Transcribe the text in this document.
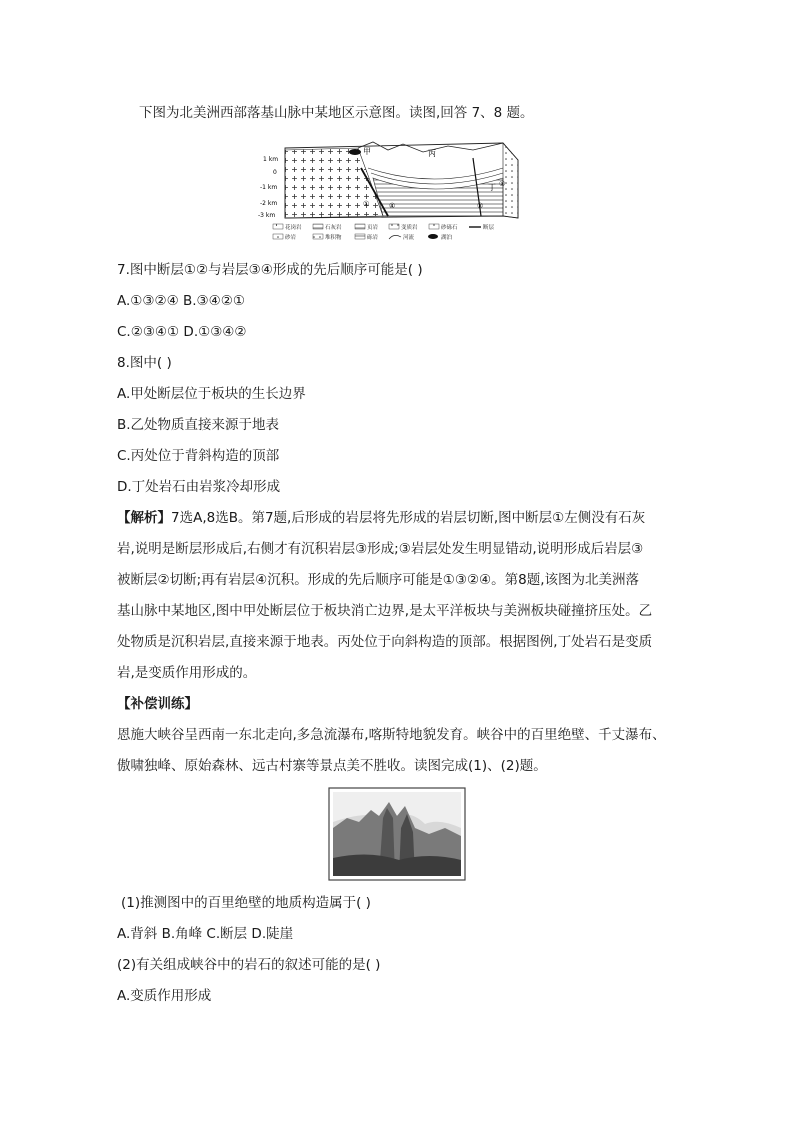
下图为北美洲西部落基山脉中某地区示意图。读图,回答 7、8 题。
1 km
0
-1 km
-2 km
-3 km
甲	丙
丁
①	④	②
③
花岗岩	石灰岩	页岩	变质岩	砂砾石	断层
砂岩	堆积物	砾岩	河流	湖泊
7.图中断层①②与岩层③④形成的先后顺序可能是( )
A.①③②④ B.③④②①
C.②③④① D.①③④②
8.图中( )
A.甲处断层位于板块的生长边界
B.乙处物质直接来源于地表
C.丙处位于背斜构造的顶部
D.丁处岩石由岩浆冷却形成
【解析】7选A,8选B。第7题,后形成的岩层将先形成的岩层切断,图中断层①左侧没有石灰
岩,说明是断层形成后,右侧才有沉积岩层③形成;③岩层处发生明显错动,说明形成后岩层③
被断层②切断;再有岩层④沉积。形成的先后顺序可能是①③②④。第8题,该图为北美洲落
基山脉中某地区,图中甲处断层位于板块消亡边界,是太平洋板块与美洲板块碰撞挤压处。乙
处物质是沉积岩层,直接来源于地表。丙处位于向斜构造的顶部。根据图例,丁处岩石是变质
岩,是变质作用形成的。
【补偿训练】
恩施大峡谷呈西南一东北走向,多急流瀑布,喀斯特地貌发育。峡谷中的百里绝壁、千丈瀑布、
傲啸独峰、原始森林、远古村寨等景点美不胜收。读图完成(1)、(2)题。
(1)推测图中的百里绝壁的地质构造属于( )
A.背斜 B.角峰 C.断层 D.陡崖
(2)有关组成峡谷中的岩石的叙述可能的是( )
A.变质作用形成
